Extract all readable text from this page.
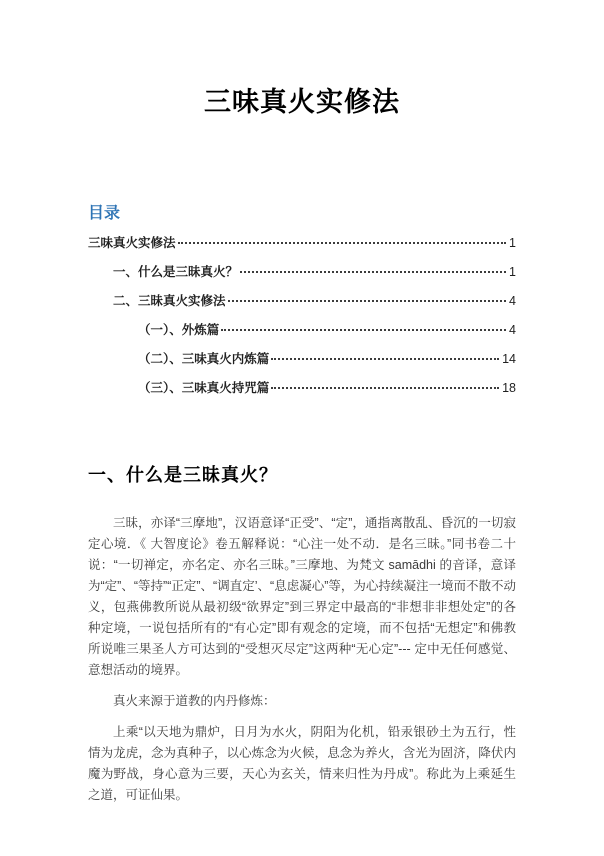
三味真火实修法
目录
三味真火实修法	1
一、什么是三昧真火？	1
二、三昧真火实修法	4
（一）、外炼篇	4
（二）、三味真火内炼篇	14
（三）、三味真火持咒篇	18
一、什么是三昧真火？

三昧，亦译“三摩地”，汉语意译“正受”、“定”，通指离散乱、昏沉的一切寂定心境．《 大智度论》卷五解释说：“心注一处不动．是名三昧。”同书卷二十说：“一切禅定，亦名定、亦名三昧。”三摩地、为梵文 samādhi 的音译，意译为“定”、“等持”“正定”、“调直定’、“息虑凝心”等，为心持续凝注一境而不散不动义，包燕佛教所说从最初级“欲界定”到三界定中最高的“非想非非想处定”的各种定境，一说包括所有的“有心定”即有观念的定境，而不包括“无想定”和佛教所说唯三果圣人方可达到的“受想灭尽定”这两种“无心定”--- 定中无任何感觉、意想活动的境界。

真火来源于道教的内丹修炼：

上乘“以天地为鼎炉，日月为水火，阴阳为化机，铅汞银砂土为五行，性情为龙虎，念为真种子，以心炼念为火候，息念为养火，含光为固济，降伏内魔为野战，身心意为三要，天心为玄关，情来归性为丹成”。称此为上乘延生之道，可证仙果。
